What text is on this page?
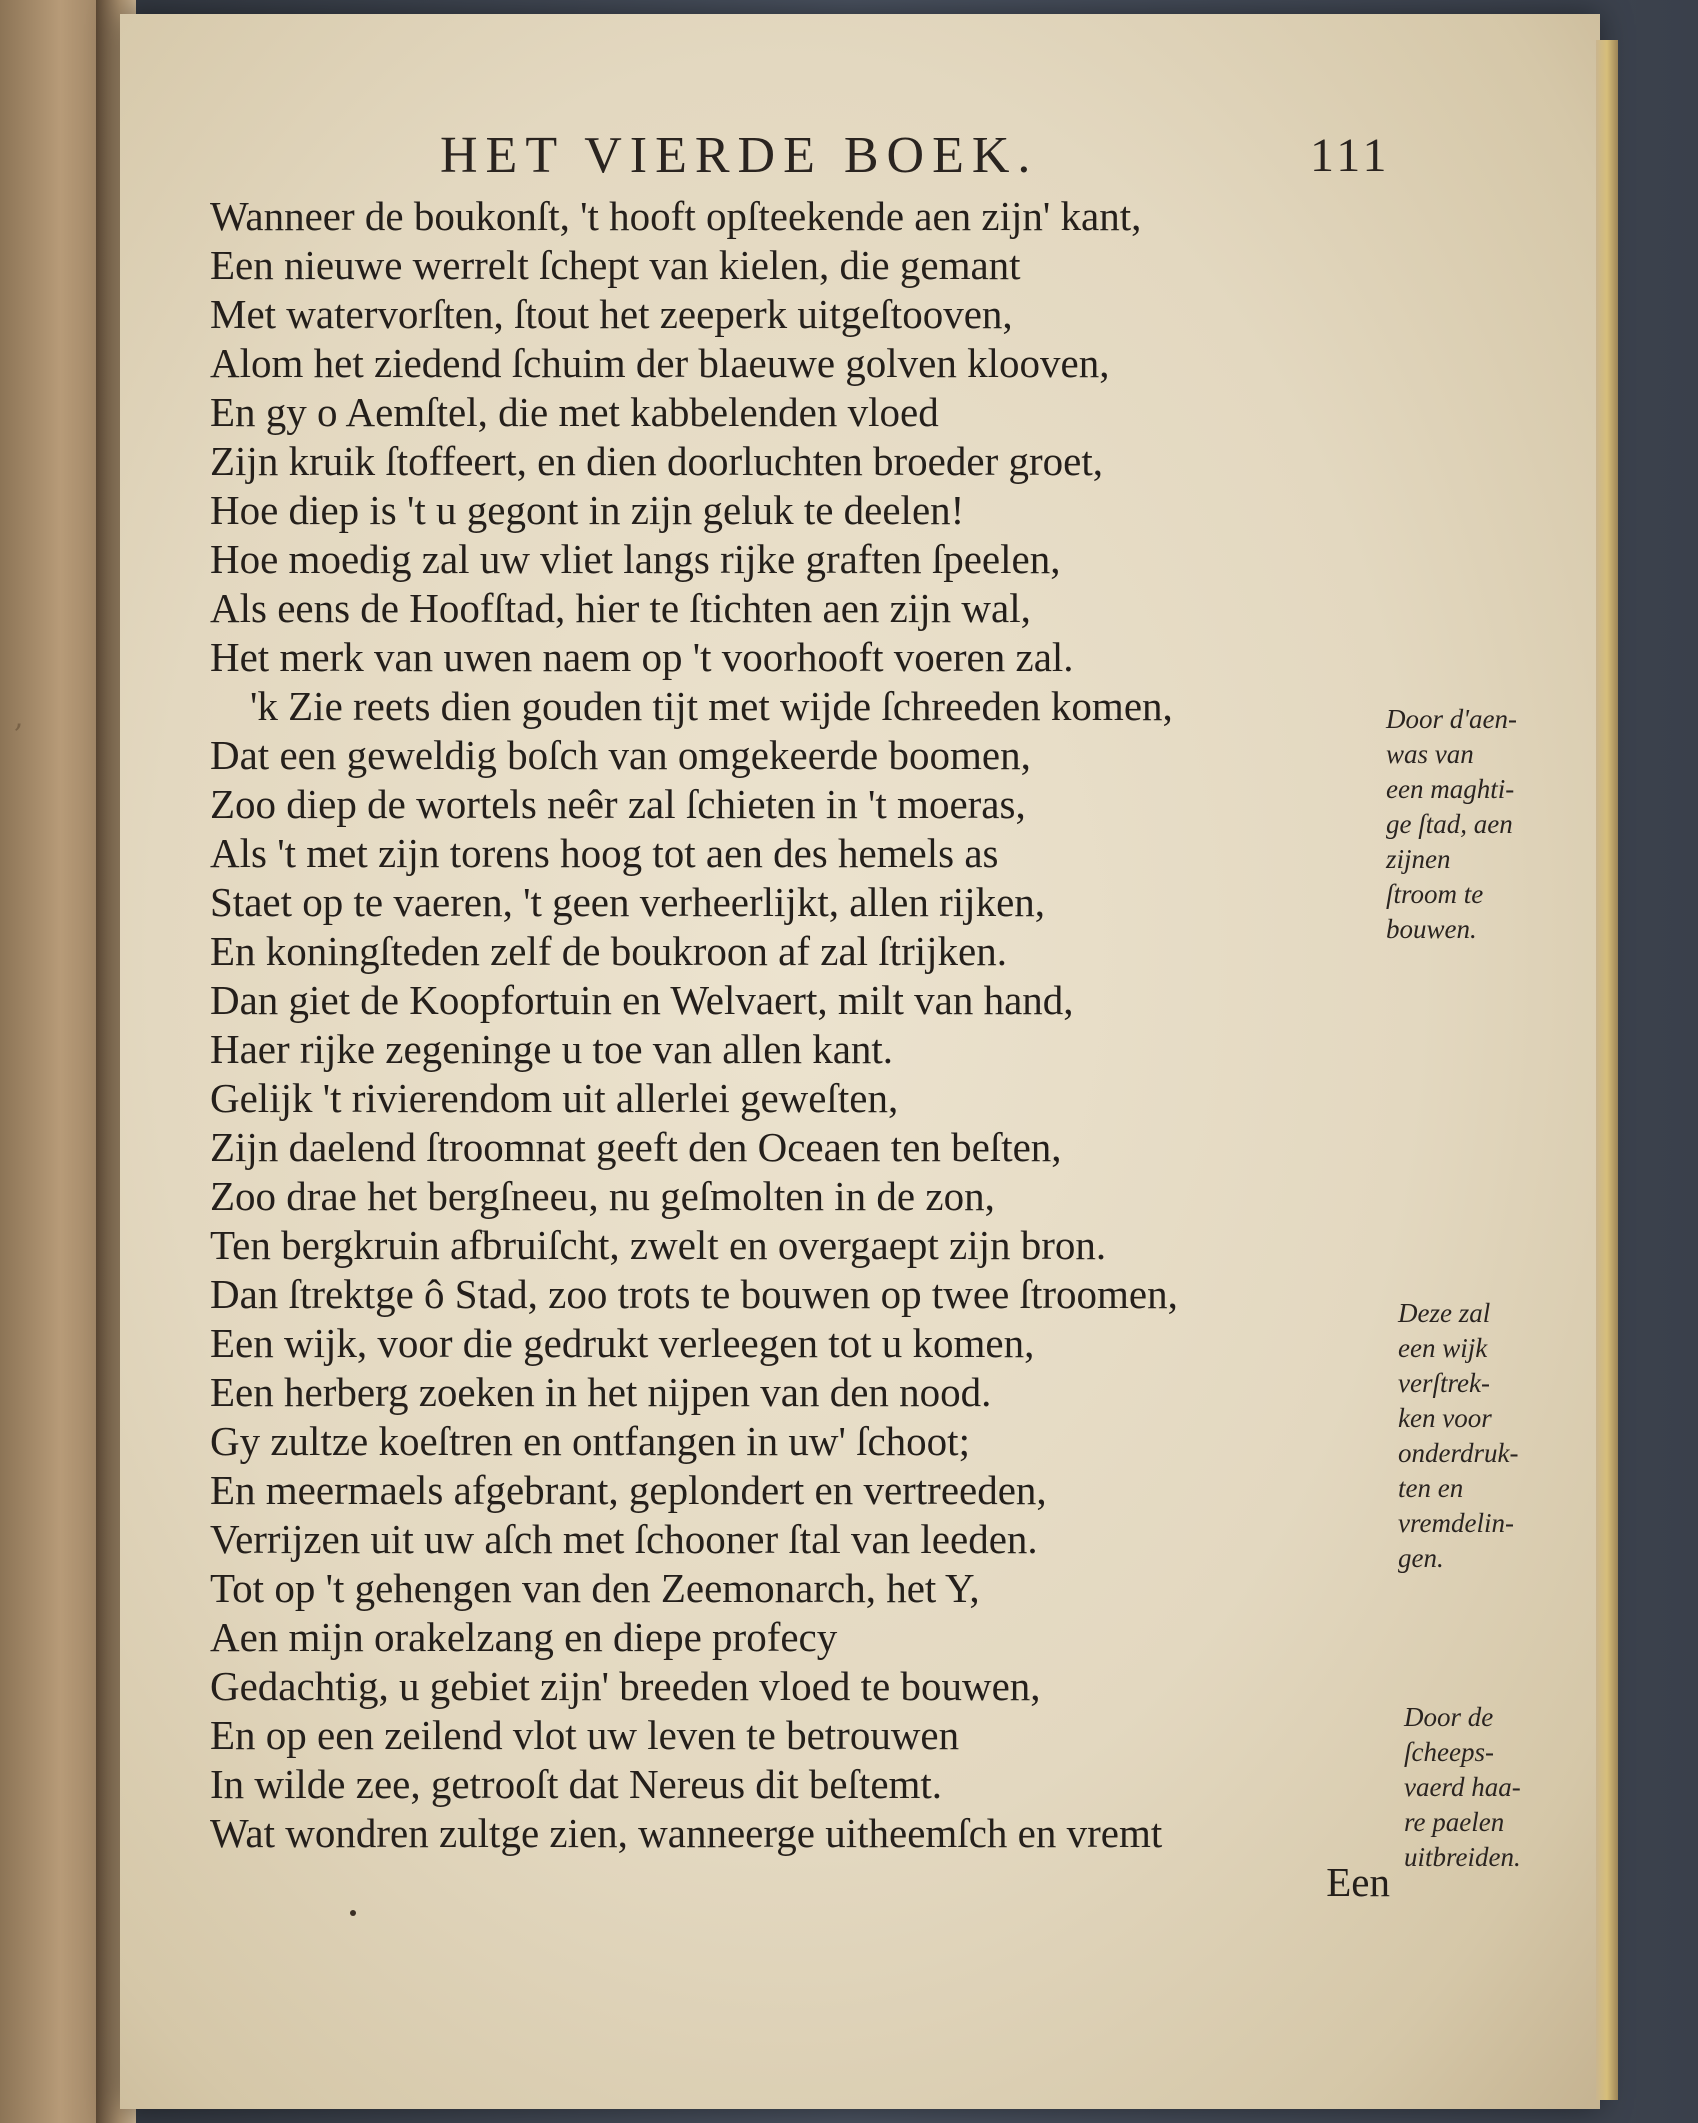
,
HET VIERDE BOEK.	111
Wanneer de boukonſt, 't hooft opſteekende aen zijn' kant,
Een nieuwe werrelt ſchept van kielen, die gemant
Met watervorſten, ſtout het zeeperk uitgeſtooven,
Alom het ziedend ſchuim der blaeuwe golven klooven,
En gy o Aemſtel, die met kabbelenden vloed
Zijn kruik ſtoffeert, en dien doorluchten broeder groet,
Hoe diep is 't u gegont in zijn geluk te deelen!
Hoe moedig zal uw vliet langs rijke graften ſpeelen,
Als eens de Hoofſtad, hier te ſtichten aen zijn wal,
Het merk van uwen naem op 't voorhooft voeren zal.
'k Zie reets dien gouden tijt met wijde ſchreeden komen,
Dat een geweldig boſch van omgekeerde boomen,
Zoo diep de wortels neêr zal ſchieten in 't moeras,
Als 't met zijn torens hoog tot aen des hemels as
Staet op te vaeren, 't geen verheerlijkt, allen rijken,
En koningſteden zelf de boukroon af zal ſtrijken.
Dan giet de Koopfortuin en Welvaert, milt van hand,
Haer rijke zegeninge u toe van allen kant.
Gelijk 't rivierendom uit allerlei geweſten,
Zijn daelend ſtroomnat geeft den Oceaen ten beſten,
Zoo drae het bergſneeu, nu geſmolten in de zon,
Ten bergkruin afbruiſcht, zwelt en overgaept zijn bron.
Dan ſtrektge ô Stad, zoo trots te bouwen op twee ſtroomen,
Een wijk, voor die gedrukt verleegen tot u komen,
Een herberg zoeken in het nijpen van den nood.
Gy zultze koeſtren en ontfangen in uw' ſchoot;
En meermaels afgebrant, geplondert en vertreeden,
Verrijzen uit uw aſch met ſchooner ſtal van leeden.
Tot op 't gehengen van den Zeemonarch, het Y,
Aen mijn orakelzang en diepe profecy
Gedachtig, u gebiet zijn' breeden vloed te bouwen,
En op een zeilend vlot uw leven te betrouwen
In wilde zee, getrooſt dat Nereus dit beſtemt.
Wat wondren zultge zien, wanneerge uitheemſch en vremt
Een
Door d'aen-
was van
een maghti-
ge ſtad, aen
zijnen
ſtroom te
bouwen.
Deze zal
een wijk
verſtrek-
ken voor
onderdruk-
ten en
vremdelin-
gen.
Door de
ſcheeps-
vaerd haa-
re paelen
uitbreiden.
